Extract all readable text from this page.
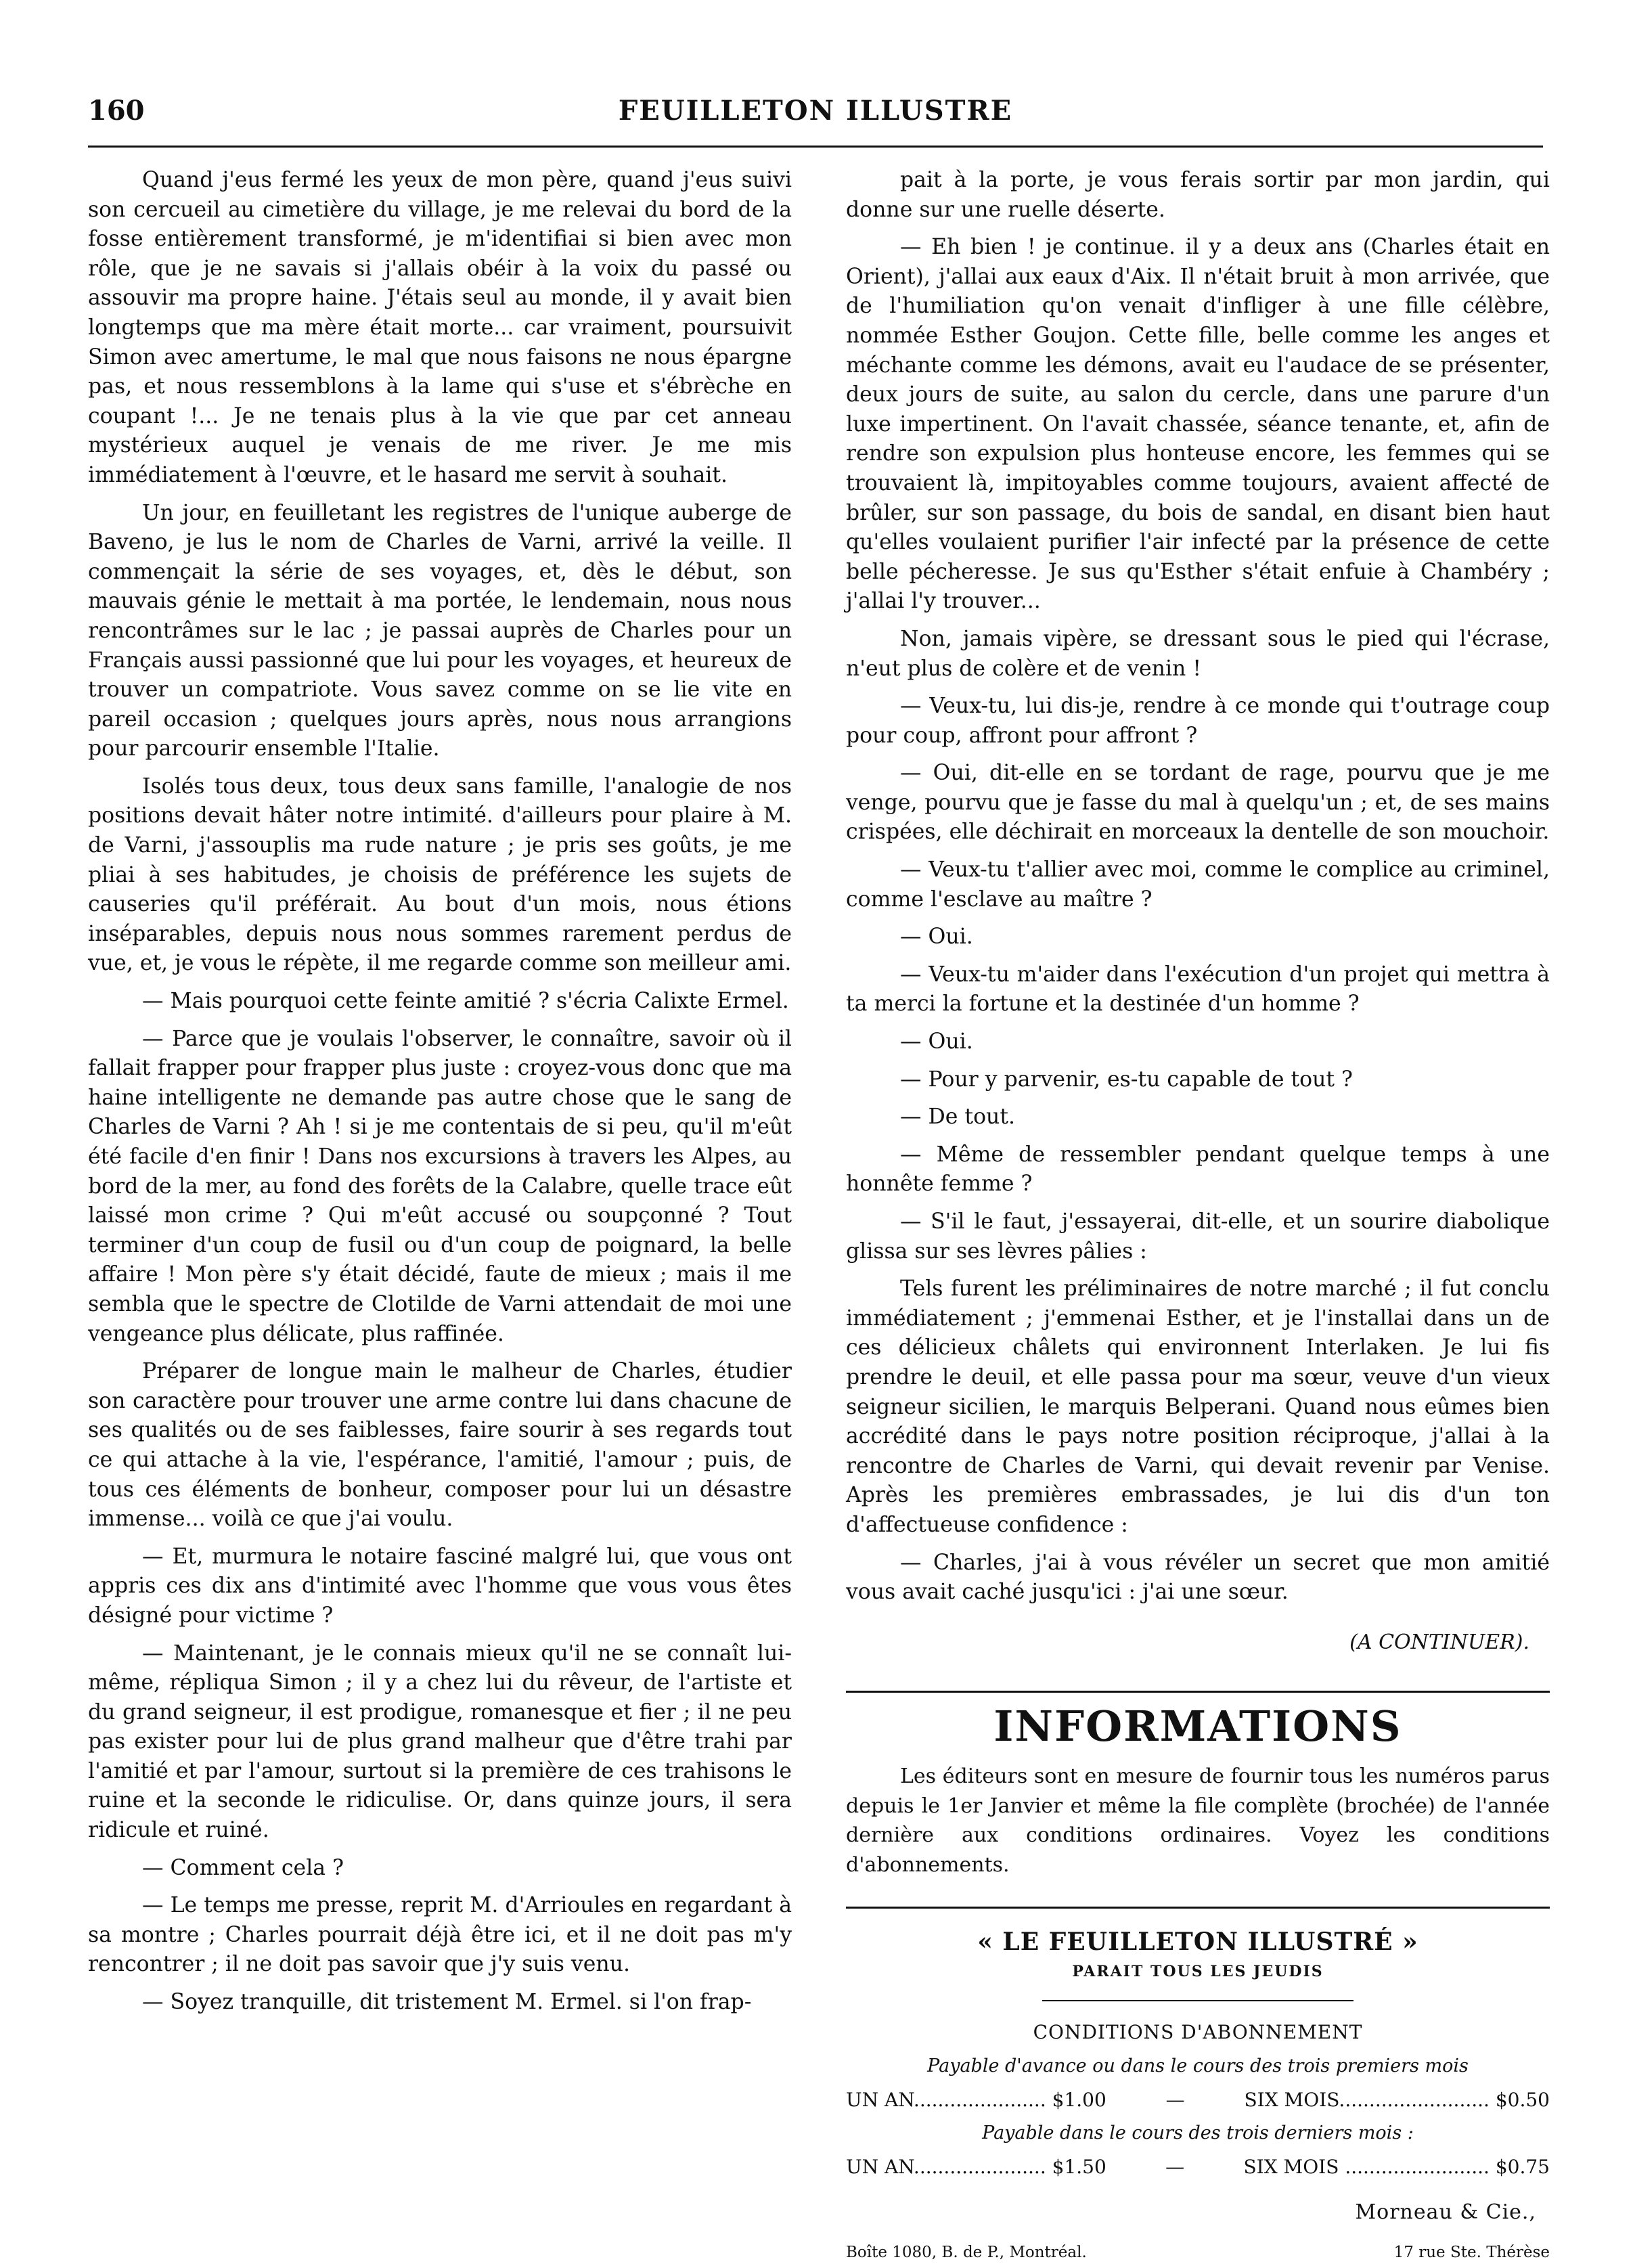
160	FEUILLETON ILLUSTRE

Quand j'eus fermé les yeux de mon père, quand j'eus suivi son cercueil au cimetière du village, je me relevai du bord de la fosse entièrement transformé, je m'identifiai si bien avec mon rôle, que je ne savais si j'allais obéir à la voix du passé ou assouvir ma propre haine. J'étais seul au monde, il y avait bien longtemps que ma mère était morte... car vraiment, poursuivit Simon avec amertume, le mal que nous faisons ne nous épargne pas, et nous ressemblons à la lame qui s'use et s'ébrèche en coupant !... Je ne tenais plus à la vie que par cet anneau mystérieux auquel je venais de me river. Je me mis immédiatement à l'œuvre, et le hasard me servit à souhait.

Un jour, en feuilletant les registres de l'unique auberge de Baveno, je lus le nom de Charles de Varni, arrivé la veille. Il commençait la série de ses voyages, et, dès le début, son mauvais génie le mettait à ma portée, le lendemain, nous nous rencontrâmes sur le lac ; je passai auprès de Charles pour un Français aussi passionné que lui pour les voyages, et heureux de trouver un compatriote. Vous savez comme on se lie vite en pareil occasion ; quelques jours après, nous nous arrangions pour parcourir ensemble l'Italie.

Isolés tous deux, tous deux sans famille, l'analogie de nos positions devait hâter notre intimité. d'ailleurs pour plaire à M. de Varni, j'assouplis ma rude nature ; je pris ses goûts, je me pliai à ses habitudes, je choisis de préférence les sujets de causeries qu'il préférait. Au bout d'un mois, nous étions inséparables, depuis nous nous sommes rarement perdus de vue, et, je vous le répète, il me regarde comme son meilleur ami.

— Mais pourquoi cette feinte amitié ? s'écria Calixte Ermel.

— Parce que je voulais l'observer, le connaître, savoir où il fallait frapper pour frapper plus juste : croyez-vous donc que ma haine intelligente ne demande pas autre chose que le sang de Charles de Varni ? Ah ! si je me contentais de si peu, qu'il m'eût été facile d'en finir ! Dans nos excursions à travers les Alpes, au bord de la mer, au fond des forêts de la Calabre, quelle trace eût laissé mon crime ? Qui m'eût accusé ou soupçonné ? Tout terminer d'un coup de fusil ou d'un coup de poignard, la belle affaire ! Mon père s'y était décidé, faute de mieux ; mais il me sembla que le spectre de Clotilde de Varni attendait de moi une vengeance plus délicate, plus raffinée.

Préparer de longue main le malheur de Charles, étudier son caractère pour trouver une arme contre lui dans chacune de ses qualités ou de ses faiblesses, faire sourir à ses regards tout ce qui attache à la vie, l'espérance, l'amitié, l'amour ; puis, de tous ces éléments de bonheur, composer pour lui un désastre immense... voilà ce que j'ai voulu.

— Et, murmura le notaire fasciné malgré lui, que vous ont appris ces dix ans d'intimité avec l'homme que vous vous êtes désigné pour victime ?

— Maintenant, je le connais mieux qu'il ne se connaît lui-même, répliqua Simon ; il y a chez lui du rêveur, de l'artiste et du grand seigneur, il est prodigue, romanesque et fier ; il ne peu pas exister pour lui de plus grand malheur que d'être trahi par l'amitié et par l'amour, surtout si la première de ces trahisons le ruine et la seconde le ridiculise. Or, dans quinze jours, il sera ridicule et ruiné.

— Comment cela ?

— Le temps me presse, reprit M. d'Arrioules en regardant à sa montre ; Charles pourrait déjà être ici, et il ne doit pas m'y rencontrer ; il ne doit pas savoir que j'y suis venu.

— Soyez tranquille, dit tristement M. Ermel. si l'on frap-

pait à la porte, je vous ferais sortir par mon jardin, qui donne sur une ruelle déserte.

— Eh bien ! je continue. il y a deux ans (Charles était en Orient), j'allai aux eaux d'Aix. Il n'était bruit à mon arrivée, que de l'humiliation qu'on venait d'infliger à une fille célèbre, nommée Esther Goujon. Cette fille, belle comme les anges et méchante comme les démons, avait eu l'audace de se présenter, deux jours de suite, au salon du cercle, dans une parure d'un luxe impertinent. On l'avait chassée, séance tenante, et, afin de rendre son expulsion plus honteuse encore, les femmes qui se trouvaient là, impitoyables comme toujours, avaient affecté de brûler, sur son passage, du bois de sandal, en disant bien haut qu'elles voulaient purifier l'air infecté par la présence de cette belle pécheresse. Je sus qu'Esther s'était enfuie à Chambéry ; j'allai l'y trouver...

Non, jamais vipère, se dressant sous le pied qui l'écrase, n'eut plus de colère et de venin !

— Veux-tu, lui dis-je, rendre à ce monde qui t'outrage coup pour coup, affront pour affront ?

— Oui, dit-elle en se tordant de rage, pourvu que je me venge, pourvu que je fasse du mal à quelqu'un ; et, de ses mains crispées, elle déchirait en morceaux la dentelle de son mouchoir.

— Veux-tu t'allier avec moi, comme le complice au criminel, comme l'esclave au maître ?

— Oui.

— Veux-tu m'aider dans l'exécution d'un projet qui mettra à ta merci la fortune et la destinée d'un homme ?

— Oui.

— Pour y parvenir, es-tu capable de tout ?

— De tout.

— Même de ressembler pendant quelque temps à une honnête femme ?

— S'il le faut, j'essayerai, dit-elle, et un sourire diabolique glissa sur ses lèvres pâlies :

Tels furent les préliminaires de notre marché ; il fut conclu immédiatement ; j'emmenai Esther, et je l'installai dans un de ces délicieux châlets qui environnent Interlaken. Je lui fis prendre le deuil, et elle passa pour ma sœur, veuve d'un vieux seigneur sicilien, le marquis Belperani. Quand nous eûmes bien accrédité dans le pays notre position réciproque, j'allai à la rencontre de Charles de Varni, qui devait revenir par Venise. Après les premières embrassades, je lui dis d'un ton d'affectueuse confidence :

— Charles, j'ai à vous révéler un secret que mon amitié vous avait caché jusqu'ici : j'ai une sœur.

(A CONTINUER).
INFORMATIONS

Les éditeurs sont en mesure de fournir tous les numéros parus depuis le 1er Janvier et même la file complète (brochée) de l'année dernière aux conditions ordinaires. Voyez les conditions d'abonnements.

« LE FEUILLETON ILLUSTRÉ »
PARAIT TOUS LES JEUDIS
CONDITIONS D'ABONNEMENT
Payable d'avance ou dans le cours des trois premiers mois
UN AN...................... $1.00	—	SIX MOIS......................... $0.50
Payable dans le cours des trois derniers mois :
UN AN...................... $1.50	—	SIX MOIS ........................ $0.75
Morneau & Cie.,
Boîte 1080, B. de P., Montréal.	17 rue Ste. Thérèse
